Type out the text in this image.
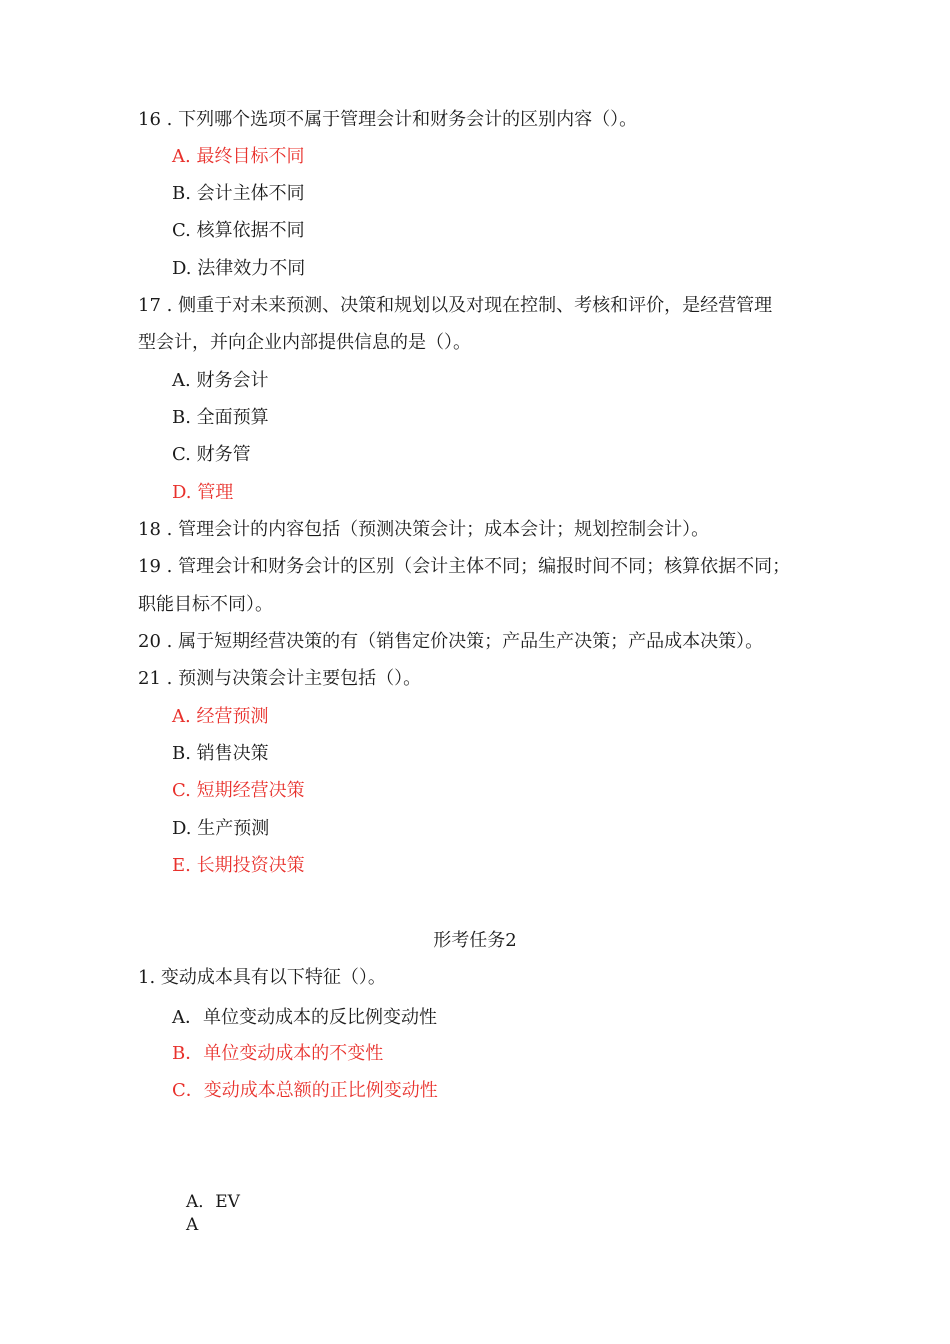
16 . 下列哪个选项不属于管理会计和财务会计的区别内容（）。
A. 最终目标不同
B. 会计主体不同
C. 核算依据不同
D. 法律效力不同
17 . 侧重于对未来预测、决策和规划以及对现在控制、考核和评价，是经营管理
型会计，并向企业内部提供信息的是（）。
A. 财务会计
B. 全面预算
C. 财务管
D. 管理
18 . 管理会计的内容包括（预测决策会计；成本会计；规划控制会计）。
19 . 管理会计和财务会计的区别（会计主体不同；编报时间不同；核算依据不同；
职能目标不同）。
20 . 属于短期经营决策的有（销售定价决策；产品生产决策；产品成本决策）。
21 . 预测与决策会计主要包括（）。
A. 经营预测
B. 销售决策
C. 短期经营决策
D. 生产预测
E. 长期投资决策
形考任务2
1. 变动成本具有以下特征（）。
A．单位变动成本的反比例变动性
B．单位变动成本的不变性
C．变动成本总额的正比例变动性
A．EV
A
